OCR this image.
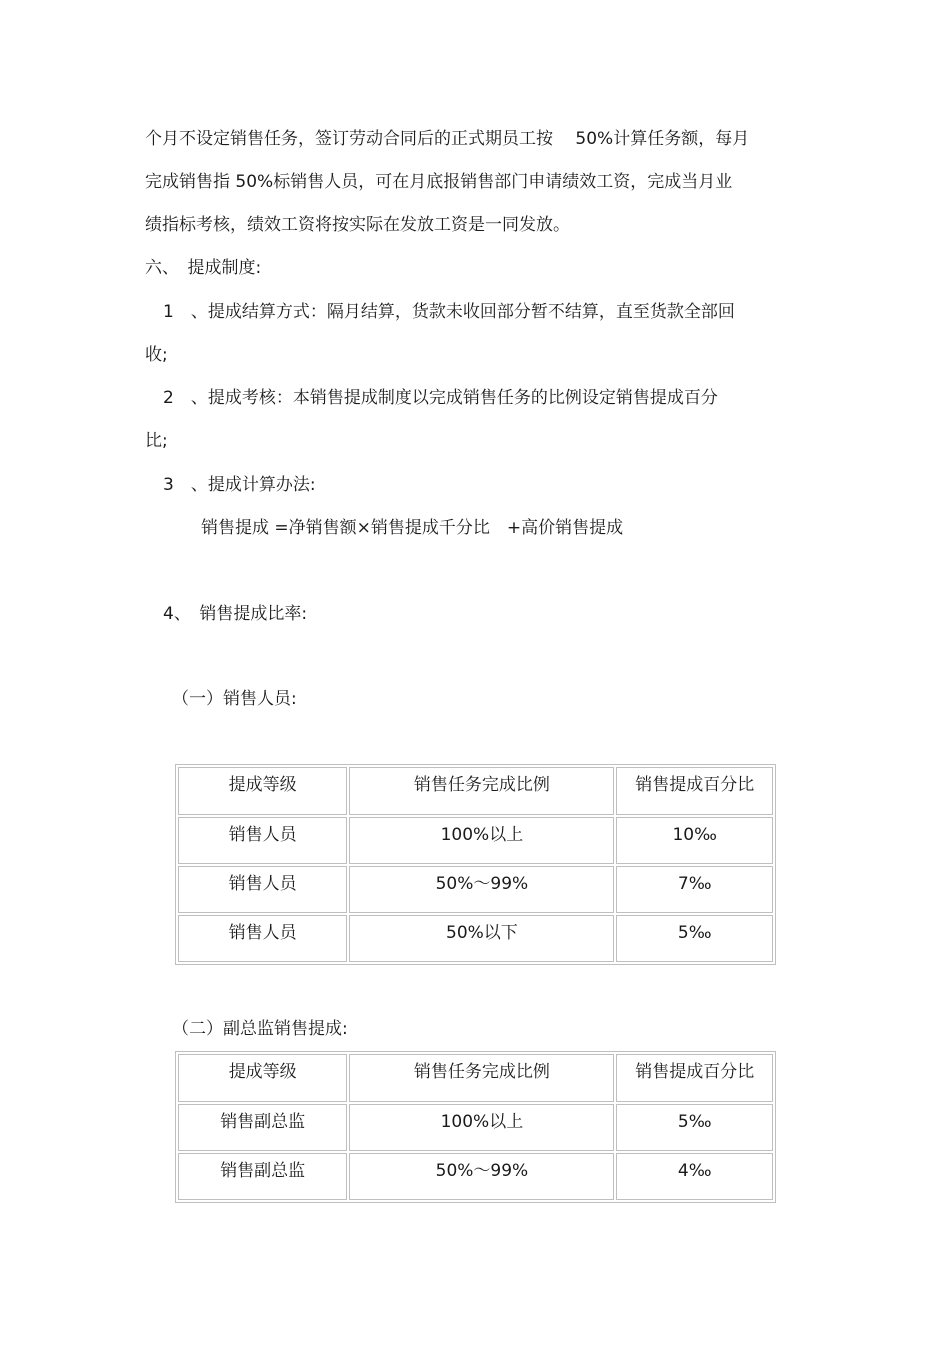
个月不设定销售任务，签订劳动合同后的正式期员工按 　50%计算任务额，每月
完成销售指 50%标销售人员，可在月底报销售部门申请绩效工资，完成当月业
绩指标考核，绩效工资将按实际在发放工资是一同发放。
六、　提成制度:
1　、提成结算方式：隔月结算，货款未收回部分暂不结算，直至货款全部回
收;
2　、提成考核：本销售提成制度以完成销售任务的比例设定销售提成百分
比;
3　、提成计算办法:
销售提成 =净销售额×销售提成千分比　+高价销售提成
4、　销售提成比率:
（一）销售人员:
提成等级	销售任务完成比例	销售提成百分比
销售人员	100%以上	10‰
销售人员	50%～99%	7‰
销售人员	50%以下	5‰
（二）副总监销售提成:
提成等级	销售任务完成比例	销售提成百分比
销售副总监	100%以上	5‰
销售副总监	50%～99%	4‰
